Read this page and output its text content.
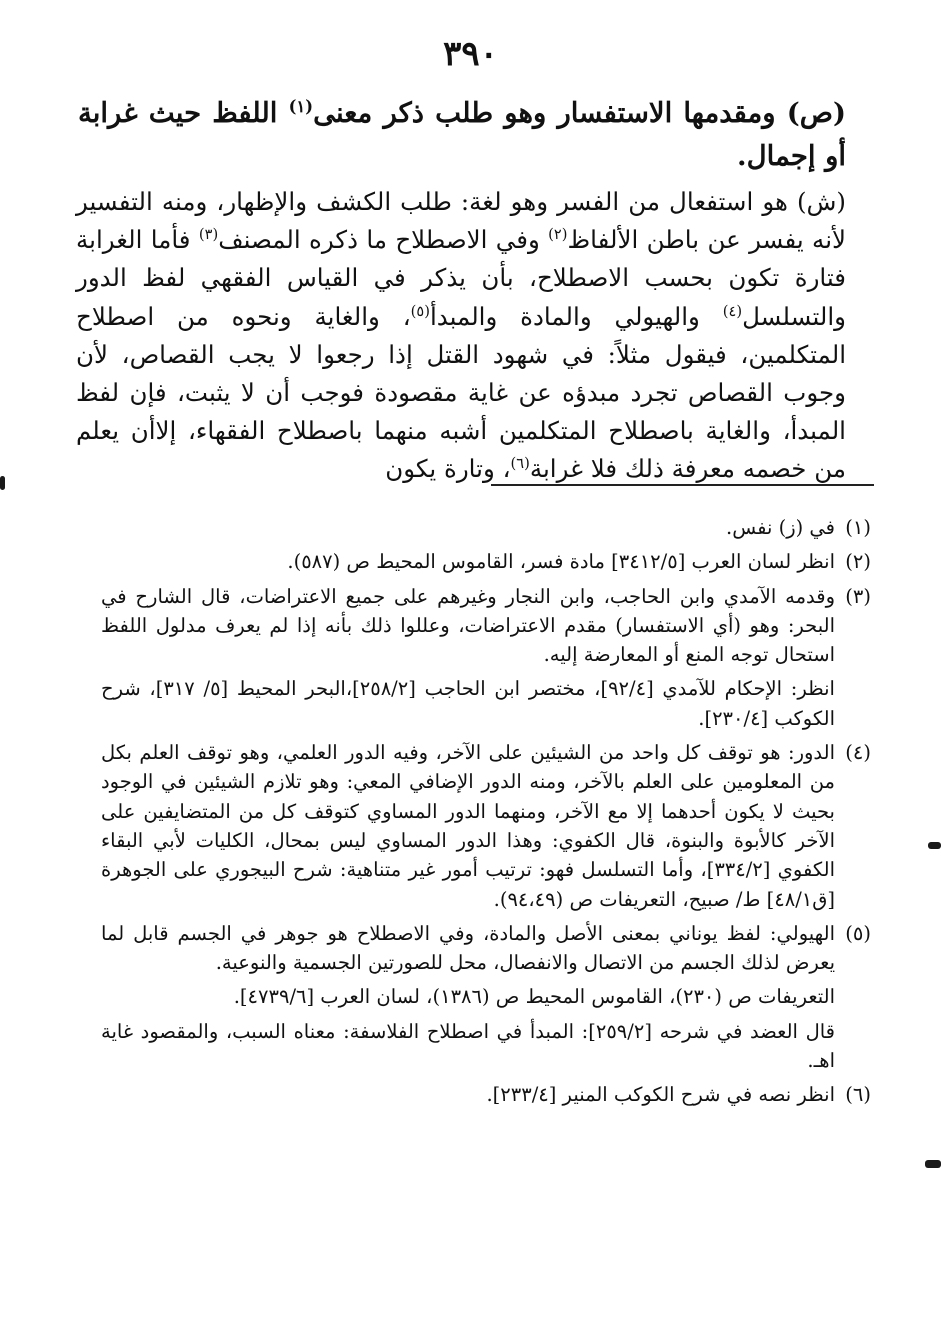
٣٩٠
(ص) ومقدمها الاستفسار وهو طلب ذكر معنى$^{(١)}$ اللفظ حيث غرابة أو إجمال.
(ش) هو استفعال من الفسر وهو لغة: طلب الكشف والإظهار، ومنه التفسير لأنه يفسر عن باطن الألفاظ$^{(٢)}$ وفي الاصطلاح ما ذكره المصنف$^{(٣)}$ فأما الغرابة فتارة تكون بحسب الاصطلاح، بأن يذكر في القياس الفقهي لفظ الدور والتسلسل$^{(٤)}$ والهيولي والمادة والمبدأ$^{(٥)}$، والغاية ونحوه من اصطلاح المتكلمين، فيقول مثلاً: في شهود القتل إذا رجعوا لا يجب القصاص، لأن وجوب القصاص تجرد مبدؤه عن غاية مقصودة فوجب أن لا يثبت، فإن لفظ المبدأ، والغاية باصطلاح المتكلمين أشبه منهما باصطلاح الفقهاء، إلاأن يعلم من خصمه معرفة ذلك فلا غرابة$^{(٦)}$، وتارة يكون
(١)
في (ز) نفس.
(٢)
انظر لسان العرب [٣٤١٢/٥] مادة فسر، القاموس المحيط ص (٥٨٧).
(٣)
وقدمه الآمدي وابن الحاجب، وابن النجار وغيرهم على جميع الاعتراضات، قال الشارح في البحر: وهو (أي الاستفسار) مقدم الاعتراضات، وعللوا ذلك بأنه إذا لم يعرف مدلول اللفظ استحال توجه المنع أو المعارضة إليه.
انظر: الإحكام للآمدي [٩٢/٤]، مختصر ابن الحاجب [٢٥٨/٢]،البحر المحيط [٥/ ٣١٧]، شرح الكوكب [٢٣٠/٤].
(٤)
الدور: هو توقف كل واحد من الشيئين على الآخر، وفيه الدور العلمي، وهو توقف العلم بكل من المعلومين على العلم بالآخر، ومنه الدور الإضافي المعي: وهو تلازم الشيئين في الوجود بحيث لا يكون أحدهما إلا مع الآخر، ومنهما الدور المساوي كتوقف كل من المتضايفين على الآخر كالأبوة والبنوة، قال الكفوي: وهذا الدور المساوي ليس بمحال، الكليات لأبي البقاء الكفوي [٣٣٤/٢]، وأما التسلسل فهو: ترتيب أمور غير متناهية: شرح البيجوري على الجوهرة [ق٤٨/١] ط/ صبيح، التعريفات ص (٩٤،٤٩).
(٥)
الهيولي: لفظ يوناني بمعنى الأصل والمادة، وفي الاصطلاح هو جوهر في الجسم قابل لما يعرض لذلك الجسم من الاتصال والانفصال، محل للصورتين الجسمية والنوعية.
التعريفات ص (٢٣٠)، القاموس المحيط ص (١٣٨٦)، لسان العرب [٤٧٣٩/٦].
قال العضد في شرحه [٢٥٩/٢]: المبدأ في اصطلاح الفلاسفة: معناه السبب، والمقصود غاية اهـ.
(٦)
انظر نصه في شرح الكوكب المنير [٢٣٣/٤].
